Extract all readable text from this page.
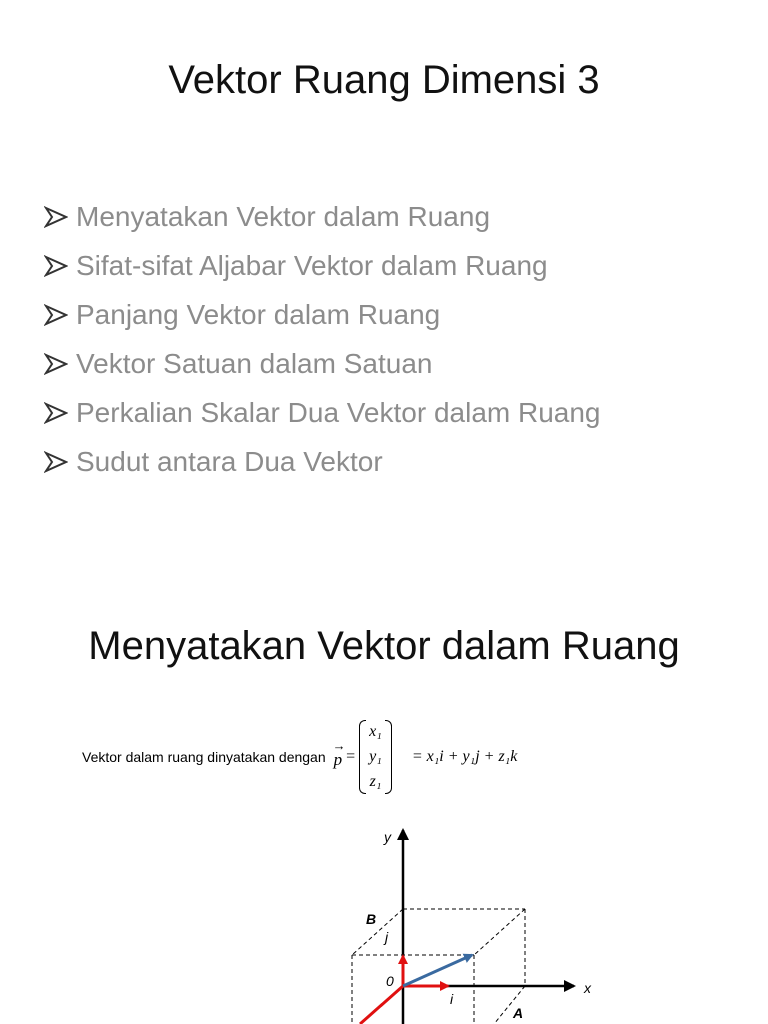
Vektor Ruang Dimensi 3
Menyatakan Vektor dalam Ruang
Sifat-sifat Aljabar Vektor dalam Ruang
Panjang Vektor dalam Ruang
Vektor Satuan dalam Satuan
Perkalian Skalar Dua Vektor dalam Ruang
Sudut antara Dua Vektor
Menyatakan Vektor dalam Ruang
Vektor dalam ruang dinyatakan dengan
→
p =
x₁
y₁
z₁
= x₁i + y₁j + z₁k
y
x
B
j
0
i
A
